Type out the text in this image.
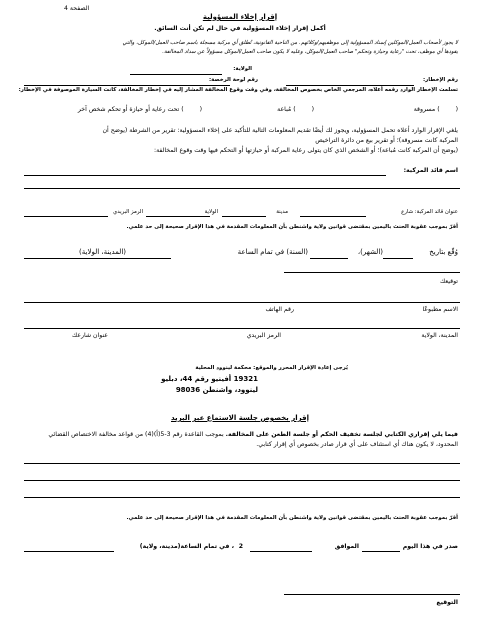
الصفحة 4
إقرار إخلاء المسؤولية
أكمل إقرار إخلاء المسؤولية في حال لم تكن أنت السائق.
لا يجوز لأصحاب العمل/الموكلين إسناد المسؤولية إلى موظفيهم/وكلائهم. من الناحية القانونية، تُطلق أي مركبة مسجلة باسم صاحب العمل/الموكل، والتي
يقودها أي موظف، تحت "رعاية وحيازة وتحكم" صاحب العمل/الموكل، وعليه لا يكون صاحب العمل/الموكل مسؤولاً عن سداد المخالفة.
الولاية:
رقم الإخطار:
رقم لوحة الرخصة:
تسلمت الإخطار الوارد رقمه أعلاه، المرجعي الخاص بخصوص المخالفة، وفي وقت وقوع المخالفة المشار إليه في إخطار المخالفة، كانت السيارة الموصوفة في الإخطار:
(  ) مسروقة
(  ) مُباعة
(  ) تحت رعاية أو حيازة أو تحكم شخص آخر
يلغي الإقرار الوارد أعلاه تحمل المسؤولية، ويجوز لك أيضًا تقديم المعلومات التالية للتأكيد على إخلاء المسؤولية: تقرير من الشرطة (يوضح أن
المركبة كانت مسروقة)؛ أو تقرير بيع من دائرة التراخيص
(يوضح أن المركبة كانت مُباعة)؛ أو الشخص الذي كان يتولى رعاية المركبة أو حيازتها أو التحكم فيها وقت وقوع المخالفة:
اسم قائد المركبة:
عنوان قائد المركبة: شارع
مدينة
الولاية
الرمز البريدي
أقرّ بموجب عقوبة الحنث باليمين بمقتضى قوانين ولاية واشنطن بأن المعلومات المقدمة في هذا الإقرار صحيحة إلى حد علمي.
وُقّع بتاريخ
(الشهر)،
(السنة) في تمام الساعة
(المدينة، الولاية)
توقيعك
الاسم مطبوعًا
رقم الهاتف
المدينة، الولاية
الرمز البريدي
عنوان شارعك
يُرجى إعادة الإقرار المحرر والموقع: محكمة لينوود المحلية
19321 أفينيو رقم 44، دبليو
لينوود، واشنطن 98036
إقرار بخصوص جلسة الاستماع عبر البريد
فيما يلي إقراري الكتابي لجلسة تخفيف الحكم أو جلسة الطعن على المخالفة. بموجب القاعدة رقم 3-5(أ)(4) من قواعد مخالفة الاختصاص القضائي
المحدود، لا يكون هناك أي استئناف على أي قرار صادر بخصوص أي إقرار كتابي.
أقرّ بموجب عقوبة الحنث باليمين بمقتضى قوانين ولاية واشنطن بأن المعلومات المقدمة في هذا الإقرار صحيحة إلى حد علمي.
صدر في هذا اليوم
الموافق
2
، في تمام الساعة(مدينة، ولاية)
التوقيع
